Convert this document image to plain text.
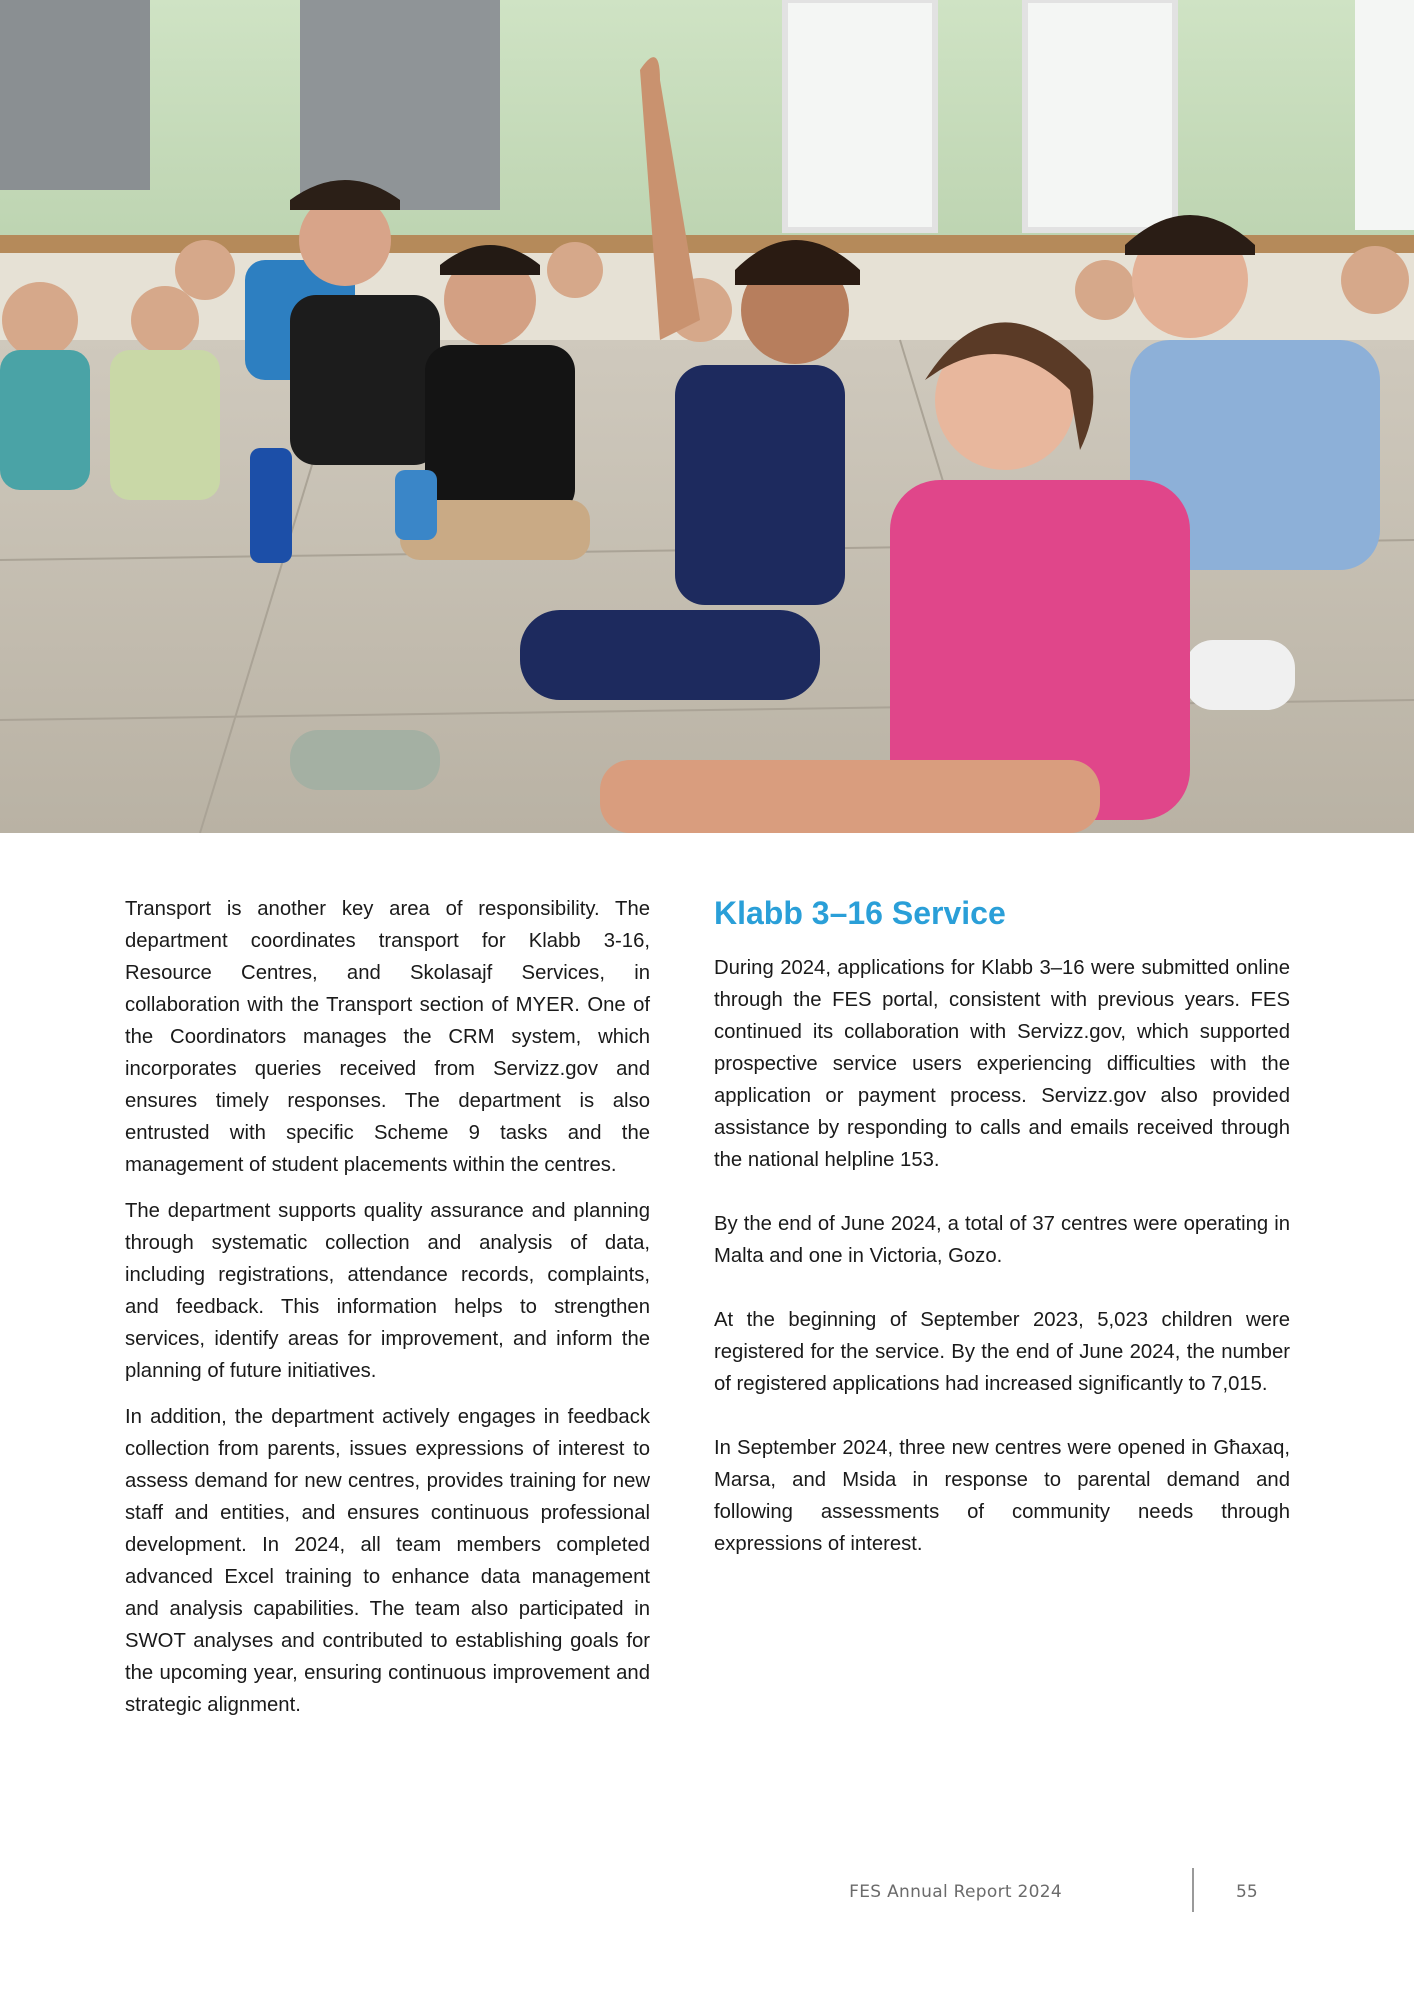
Transport is another key area of responsibility. The department coordinates transport for Klabb 3-16, Resource Centres, and Skolasajf Services, in collaboration with the Transport section of MYER. One of the Coordinators manages the CRM system, which incorporates queries received from Servizz.gov and ensures timely responses. The department is also entrusted with specific Scheme 9 tasks and the management of student placements within the centres.

The department supports quality assurance and planning through systematic collection and analysis of data, including registrations, attendance records, complaints, and feedback. This information helps to strengthen services, identify areas for improvement, and inform the planning of future initiatives.

In addition, the department actively engages in feedback collection from parents, issues expressions of interest to assess demand for new centres, provides training for new staff and entities, and ensures continuous professional development. In 2024, all team members completed advanced Excel training to enhance data management and analysis capabilities. The team also participated in SWOT analyses and contributed to establishing goals for the upcoming year, ensuring continuous improvement and strategic alignment.

Klabb 3–16 Service

During 2024, applications for Klabb 3–16 were submitted online through the FES portal, consistent with previous years. FES continued its collaboration with Servizz.gov, which supported prospective service users experiencing difficulties with the application or payment process. Servizz.gov also provided assistance by responding to calls and emails received through the national helpline 153.

By the end of June 2024, a total of 37 centres were operating in Malta and one in Victoria, Gozo.

At the beginning of September 2023, 5,023 children were registered for the service. By the end of June 2024, the number of registered applications had increased significantly to 7,015.

In September 2024, three new centres were opened in Għaxaq, Marsa, and Msida in response to parental demand and following assessments of community needs through expressions of interest.

FES Annual Report 2024	55
